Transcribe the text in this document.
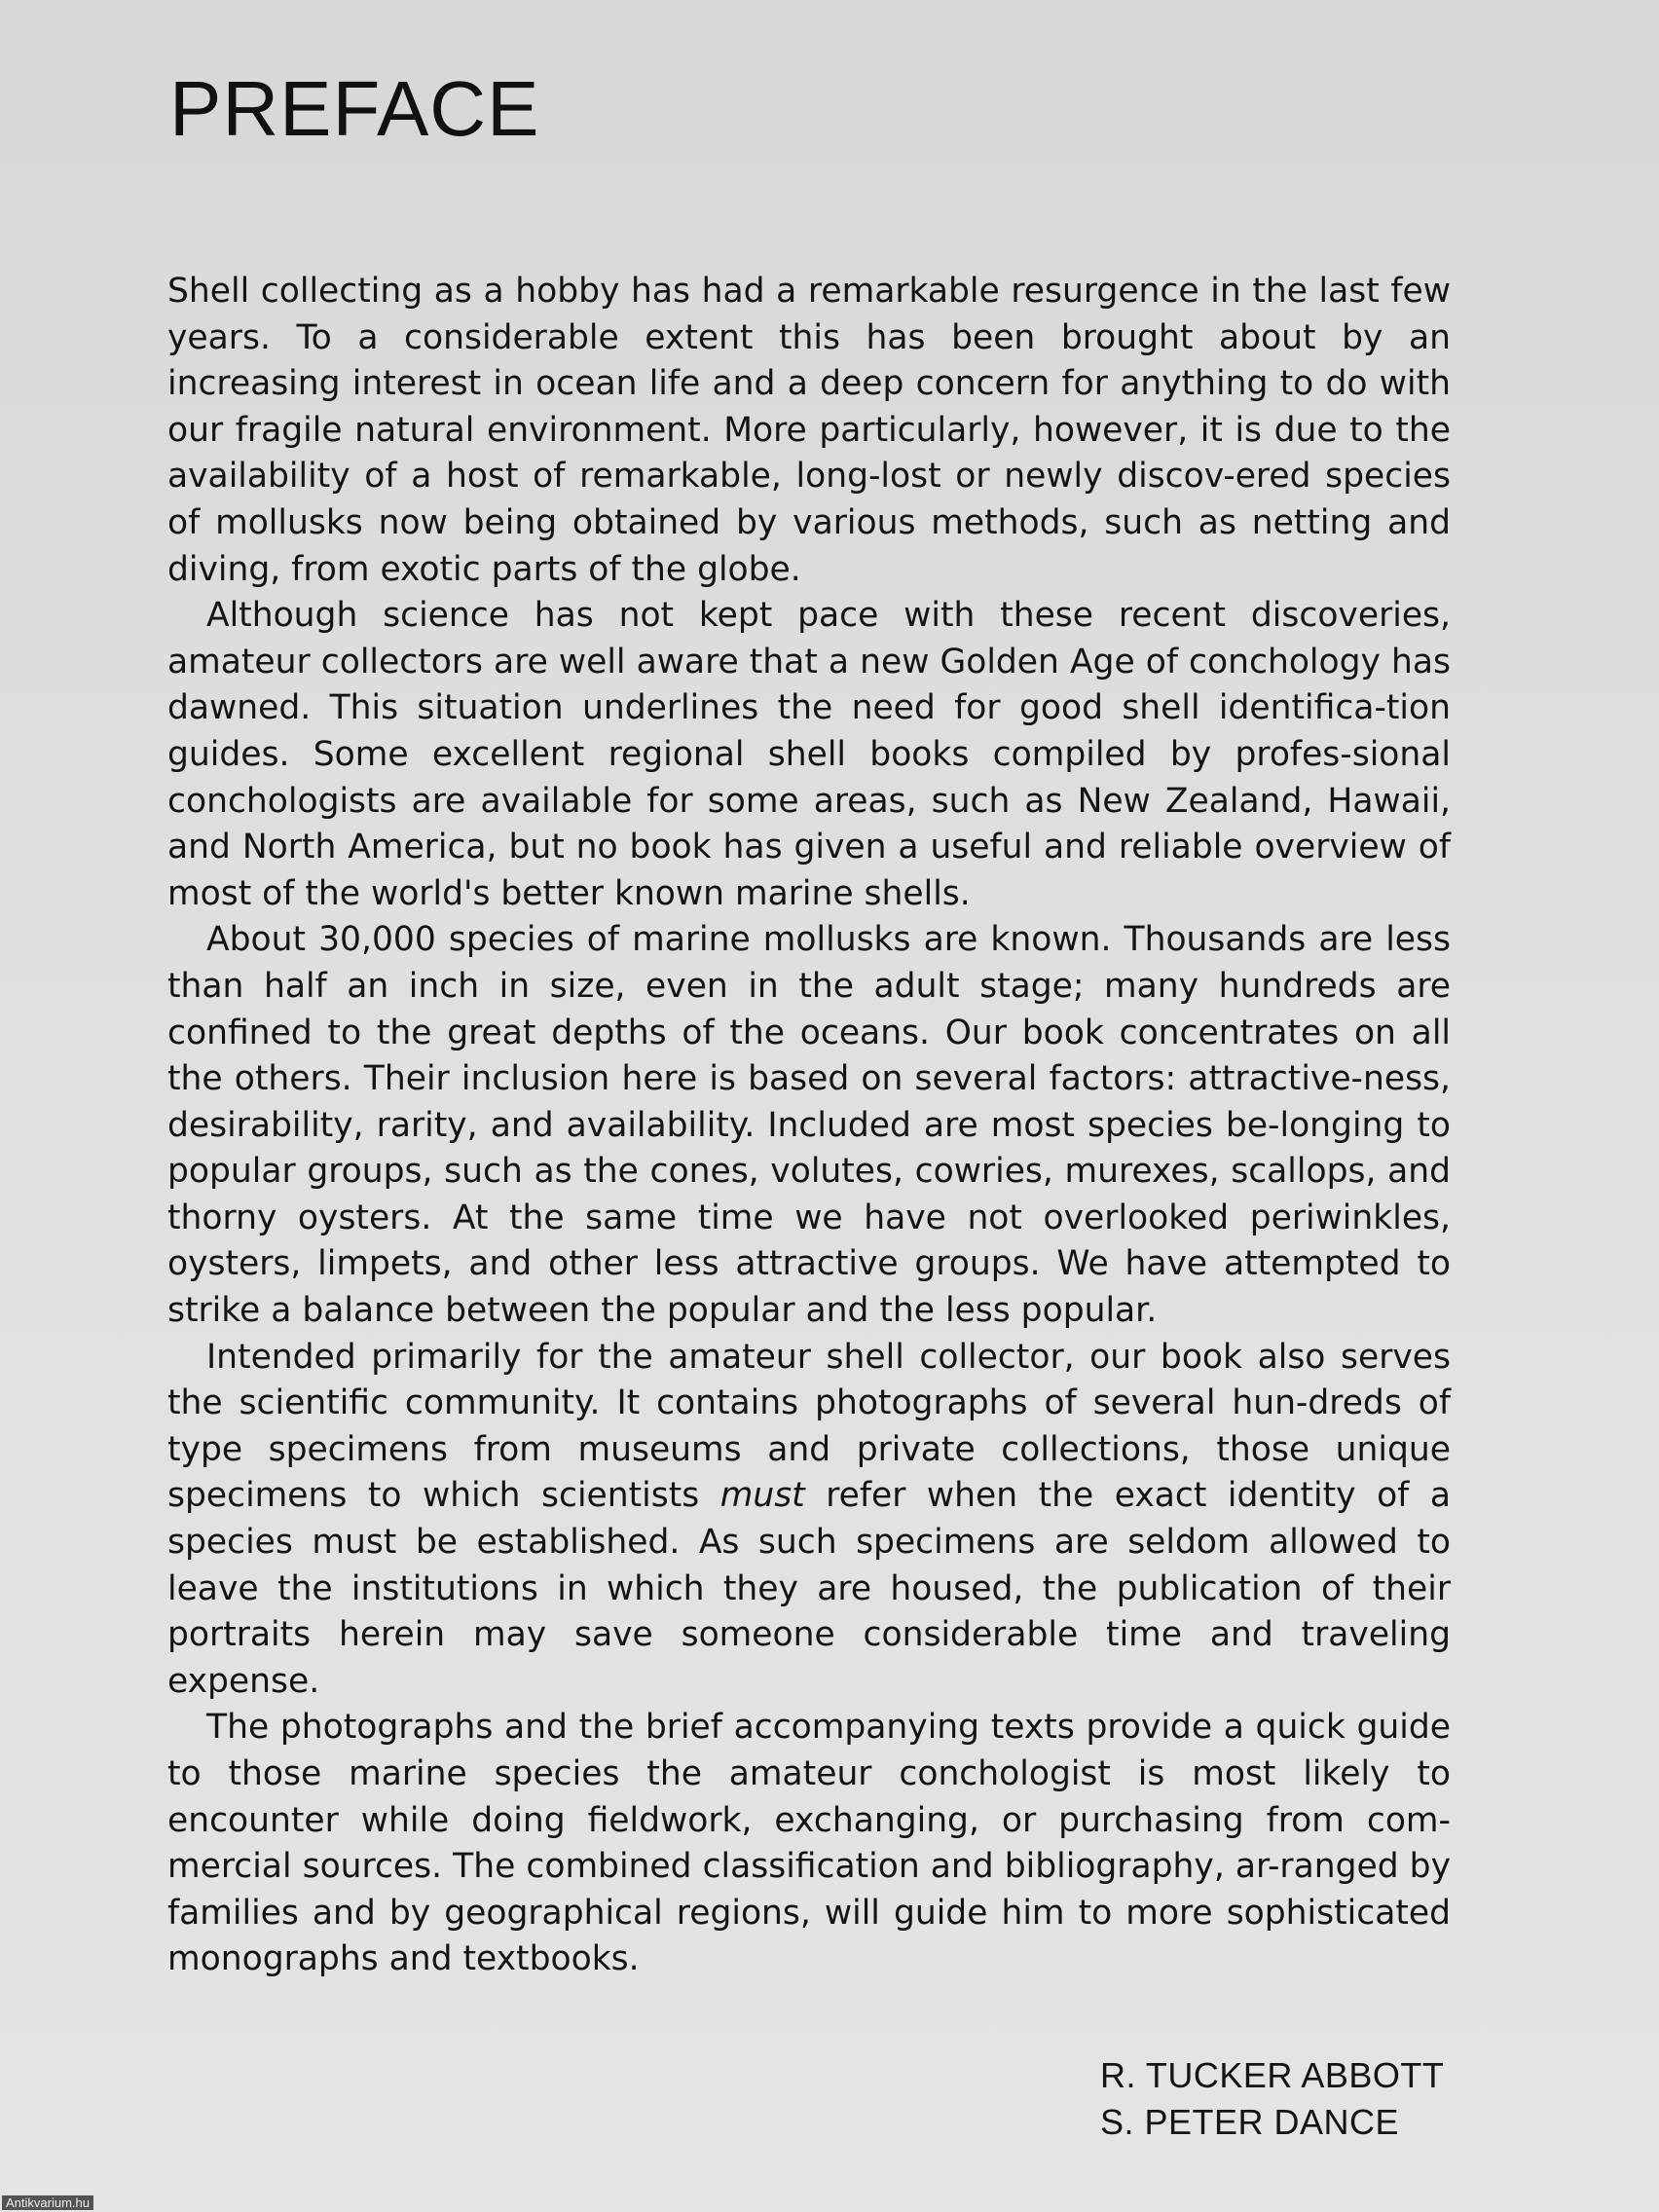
PREFACE

Shell collecting as a hobby has had a remarkable resurgence in the last few years. To a considerable extent this has been brought about by an increasing interest in ocean life and a deep concern for anything to do with our fragile natural environment. More particularly, however, it is due to the availability of a host of remarkable, long-lost or newly discov-ered species of mollusks now being obtained by various methods, such as netting and diving, from exotic parts of the globe.

Although science has not kept pace with these recent discoveries, amateur collectors are well aware that a new Golden Age of conchology has dawned. This situation underlines the need for good shell identifica-tion guides. Some excellent regional shell books compiled by profes-sional conchologists are available for some areas, such as New Zealand, Hawaii, and North America, but no book has given a useful and reliable overview of most of the world's better known marine shells.

About 30,000 species of marine mollusks are known. Thousands are less than half an inch in size, even in the adult stage; many hundreds are confined to the great depths of the oceans. Our book concentrates on all the others. Their inclusion here is based on several factors: attractive-ness, desirability, rarity, and availability. Included are most species be-longing to popular groups, such as the cones, volutes, cowries, murexes, scallops, and thorny oysters. At the same time we have not overlooked periwinkles, oysters, limpets, and other less attractive groups. We have attempted to strike a balance between the popular and the less popular.

Intended primarily for the amateur shell collector, our book also serves the scientific community. It contains photographs of several hun-dreds of type specimens from museums and private collections, those unique specimens to which scientists must refer when the exact identity of a species must be established. As such specimens are seldom allowed to leave the institutions in which they are housed, the publication of their portraits herein may save someone considerable time and traveling expense.

The photographs and the brief accompanying texts provide a quick guide to those marine species the amateur conchologist is most likely to encounter while doing fieldwork, exchanging, or purchasing from com-mercial sources. The combined classification and bibliography, ar-ranged by families and by geographical regions, will guide him to more sophisticated monographs and textbooks.

R. TUCKER ABBOTT
S. PETER DANCE
Antikvarium.hu
